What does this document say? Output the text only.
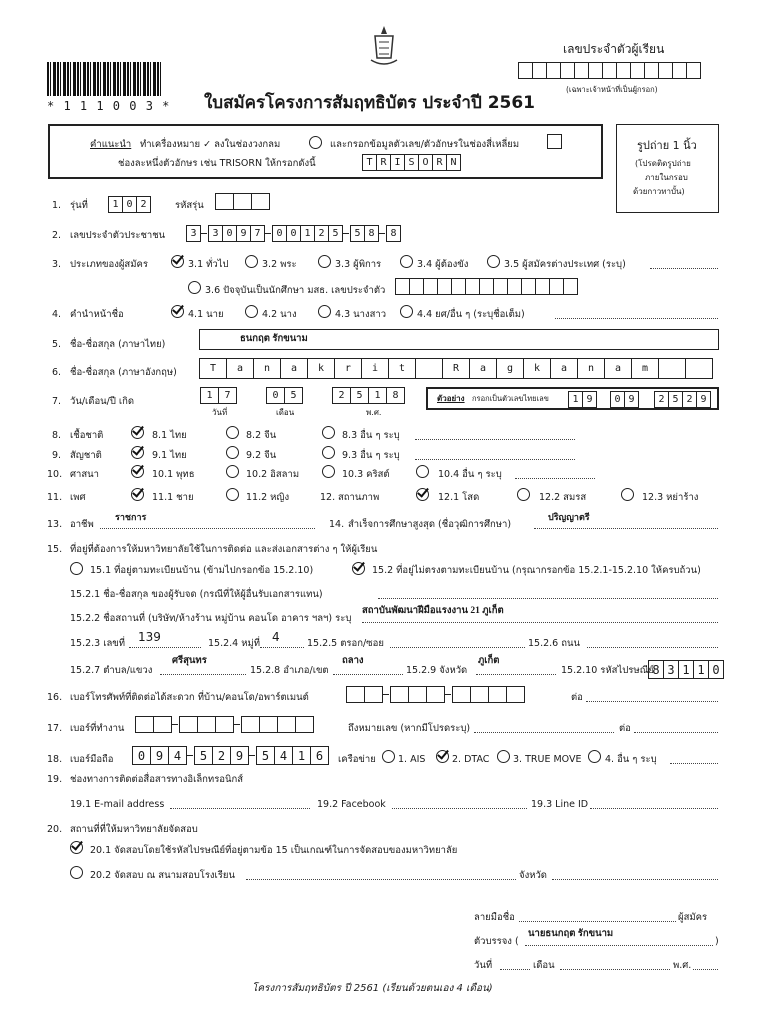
* 1 1 1 0 0 3 * ใบสมัครโครงการสัมฤทธิบัตร ประจำปี 2561
เลขประจำตัวผู้เรียน
(เฉพาะเจ้าหน้าที่เป็นผู้กรอก)
คำแนะนำ ทำเครื่องหมาย ✓ ลงในช่องวงกลม	และกรอกข้อมูลตัวเลข/ตัวอักษรในช่องสี่เหลี่ยม
ช่องละหนึ่งตัวอักษร เช่น TRISORN ให้กรอกดังนี้	T R I S O R N
รูปถ่าย 1 นิ้ว
(โปรดติดรูปถ่าย
ภายในกรอบ
ด้วยกาวทาบั้น)
1. รุ่นที่	1 0 2	รหัสรุ่น
2. เลขประจำตัวประชาชน	3	3 0 9 7	0 0 1 2 5	5 8	8
3. ประเภทของผู้สมัคร	3.1 ทั่วไป	3.2 พระ	3.3 ผู้พิการ	3.4 ผู้ต้องขัง	3.5 ผู้สมัครต่างประเทศ (ระบุ)
3.6 ปัจจุบันเป็นนักศึกษา มสธ. เลขประจำตัว
4. คำนำหน้าชื่อ	4.1 นาย	4.2 นาง	4.3 นางสาว	4.4 ยศ/อื่น ๆ (ระบุชื่อเต็ม)
5. ชื่อ-ชื่อสกุล (ภาษาไทย)	ธนกฤต รักขนาม
6. ชื่อ-ชื่อสกุล (ภาษาอังกฤษ)	T	a	n	a	k	r	i	t	R	a	g	k	a	n	a	m
7. วัน/เดือน/ปี เกิด
1	7	0	5	2	5	1	8
วันที่	เดือน	พ.ศ.
ตัวอย่าง กรอกเป็นตัวเลขไทยเลข	1 9	0 9	2 5 2 9
8. เชื้อชาติ	8.1 ไทย	8.2 จีน	8.3 อื่น ๆ ระบุ
9. สัญชาติ	9.1 ไทย	9.2 จีน	9.3 อื่น ๆ ระบุ
10. ศาสนา	10.1 พุทธ	10.2 อิสลาม	10.3 คริสต์	10.4 อื่น ๆ ระบุ
11. เพศ	11.1 ชาย	11.2 หญิง	12. สถานภาพ	12.1 โสด	12.2 สมรส	12.3 หย่าร้าง
13. อาชีพ
ราชการ
14. สำเร็จการศึกษาสูงสุด (ชื่อวุฒิการศึกษา)
ปริญญาตรี
15. ที่อยู่ที่ต้องการให้มหาวิทยาลัยใช้ในการติดต่อ และส่งเอกสารต่าง ๆ ให้ผู้เรียน
15.1 ที่อยู่ตามทะเบียนบ้าน (ข้ามไปกรอกข้อ 15.2.10)	15.2 ที่อยู่ไม่ตรงตามทะเบียนบ้าน (กรุณากรอกข้อ 15.2.1-15.2.10 ให้ครบถ้วน)
15.2.1 ชื่อ-ชื่อสกุล ของผู้รับจด (กรณีที่ให้ผู้อื่นรับเอกสารแทน)
15.2.2 ชื่อสถานที่ (บริษัท/ห้างร้าน หมู่บ้าน คอนโด อาคาร ฯลฯ) ระบุ
สถาบันพัฒนาฝีมือแรงงาน 21 ภูเก็ต
15.2.3 เลขที่ 139	15.2.4 หมู่ที่ 4	15.2.5 ตรอก/ซอย	15.2.6 ถนน
15.2.7 ตำบล/แขวง
ศรีสุนทร
15.2.8 อำเภอ/เขต
ถลาง
15.2.9 จังหวัด
ภูเก็ต
15.2.10 รหัสไปรษณีย์
8 3 1 1 0
16. เบอร์โทรศัพท์ที่ติดต่อได้สะดวก ที่บ้าน/คอนโด/อพาร์ตเมนต์	ต่อ
17. เบอร์ที่ทำงาน	ถึงหมายเลข (หากมีโปรดระบุ)	ต่อ
18. เบอร์มือถือ	0 9 4	5 2 9	5 4 1 6	เครือข่าย 1. AIS	2. DTAC 3. TRUE MOVE 4. อื่น ๆ ระบุ
19. ช่องทางการติดต่อสื่อสารทางอิเล็กทรอนิกส์
19.1 E-mail address	19.2 Facebook	19.3 Line ID
20. สถานที่ที่ให้มหาวิทยาลัยจัดสอบ
20.1 จัดสอบโดยใช้รหัสไปรษณีย์ที่อยู่ตามข้อ 15 เป็นเกณฑ์ในการจัดสอบของมหาวิทยาลัย
20.2 จัดสอบ ณ สนามสอบโรงเรียน	จังหวัด
ลายมือชื่อ	ผู้สมัคร
ตัวบรรจง (
นายธนกฤต รักขนาม
)
วันที่	เดือน	พ.ศ.
โครงการสัมฤทธิบัตร ปี 2561 (เรียนด้วยตนเอง 4 เดือน)
